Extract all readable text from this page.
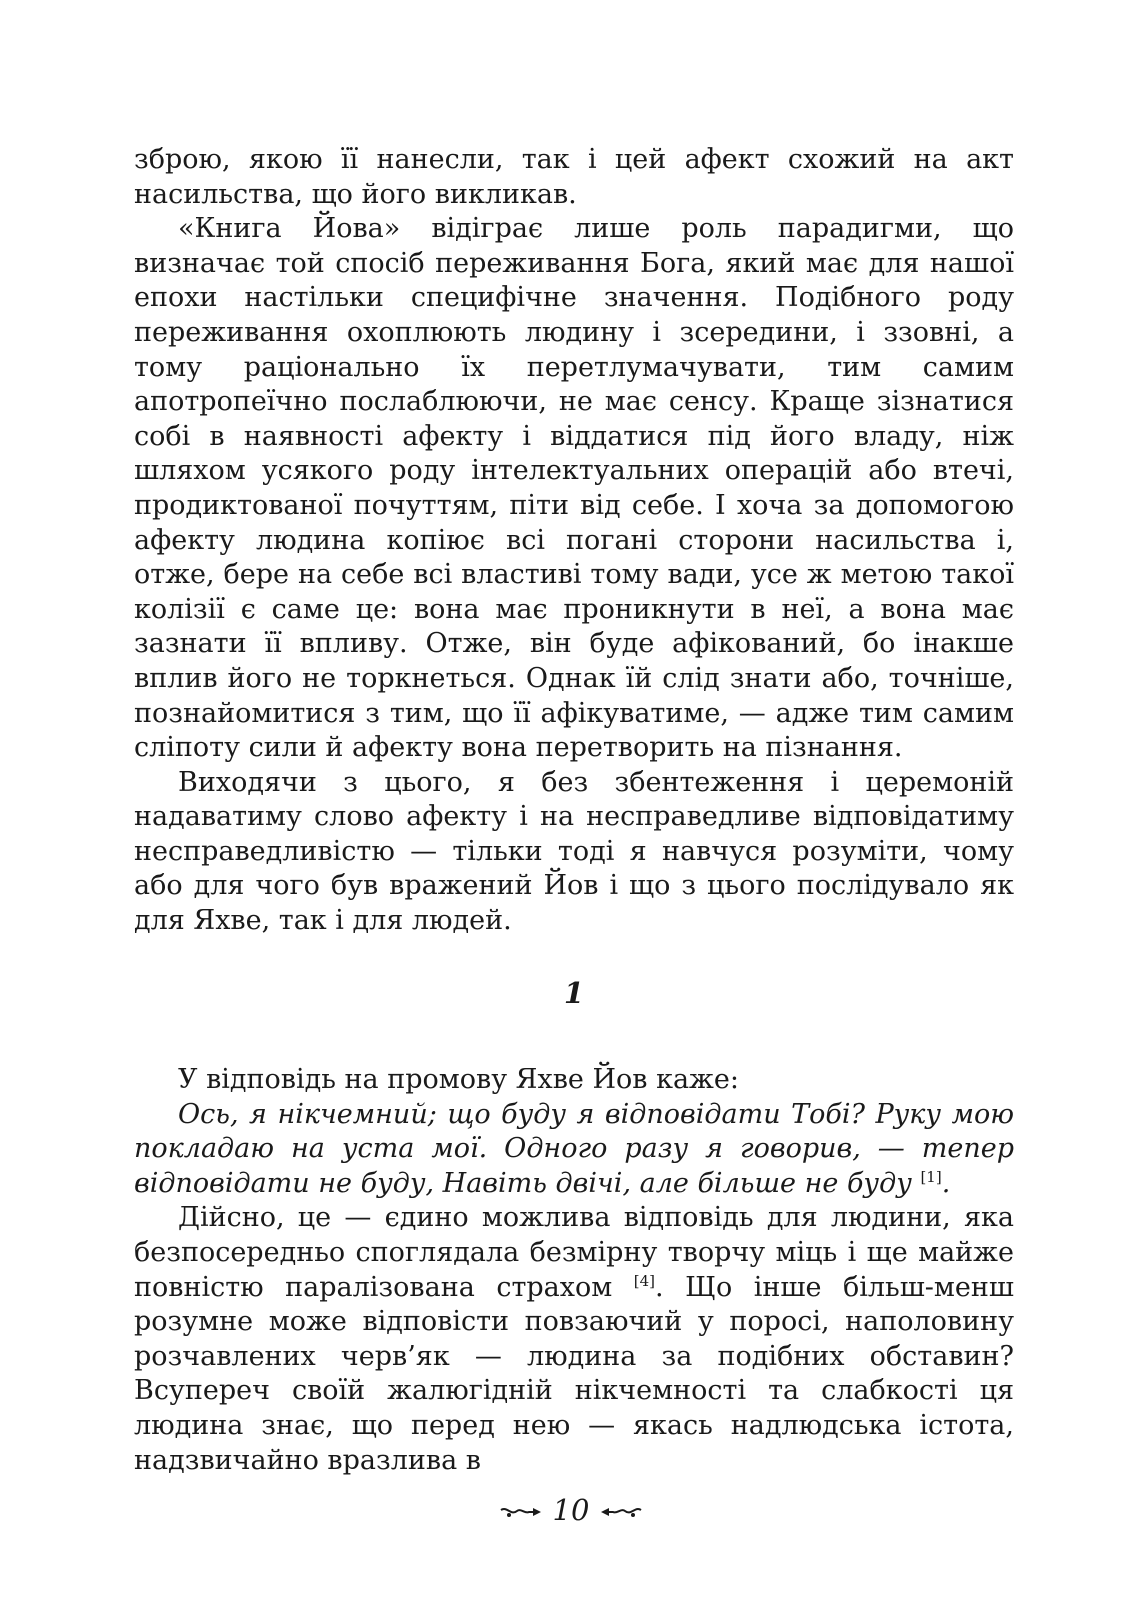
зброю, якою її нанесли, так і цей афект схожий на акт насильства, що його викликав.

«Книга Йова» відіграє лише роль парадигми, що визначає той спосіб переживання Бога, який має для нашої епохи настільки специфічне значення. Подібного роду переживання охоплюють людину і зсередини, і ззовні, а тому раціонально їх перетлумачувати, тим самим апотропеїчно послаблюючи, не має сенсу. Краще зізнатися собі в наявності афекту і віддатися під його владу, ніж шляхом усякого роду інтелектуальних операцій або втечі, продиктованої почуттям, піти від себе. І хоча за допомогою афекту людина копіює всі погані сторони насильства і, отже, бере на себе всі властиві тому вади, усе ж метою такої колізії є саме це: вона має проникнути в неї, а вона має зазнати її впливу. Отже, він буде афікований, бо інакше вплив його не торкнеться. Однак їй слід знати або, точніше, познайомитися з тим, що її афікуватиме, — адже тим самим сліпоту сили й афекту вона перетворить на пізнання.

Виходячи з цього, я без збентеження і церемоній надаватиму слово афекту і на несправедливе відповідатиму несправедливістю — тільки тоді я навчуся розуміти, чому або для чого був вражений Йов і що з цього послідувало як для Яхве, так і для людей.

1

У відповідь на промову Яхве Йов каже:

Ось, я нікчемний; що буду я відповідати Тобі? Руку мою покладаю на уста мої. Одного разу я говорив, — тепер відповідати не буду, Навіть двічі, але більше не буду [1].

Дійсно, це — єдино можлива відповідь для людини, яка безпосередньо споглядала безмірну творчу міць і ще майже повністю паралізована страхом [4]. Що інше більш-менш розумне може відповісти повзаючий у поросі, наполовину розчавлених черв’як — людина за подібних обставин? Всупереч своїй жалюгідній нікчемності та слабкості ця людина знає, що перед нею — якась надлюдська істота, надзвичайно вразлива в

10
